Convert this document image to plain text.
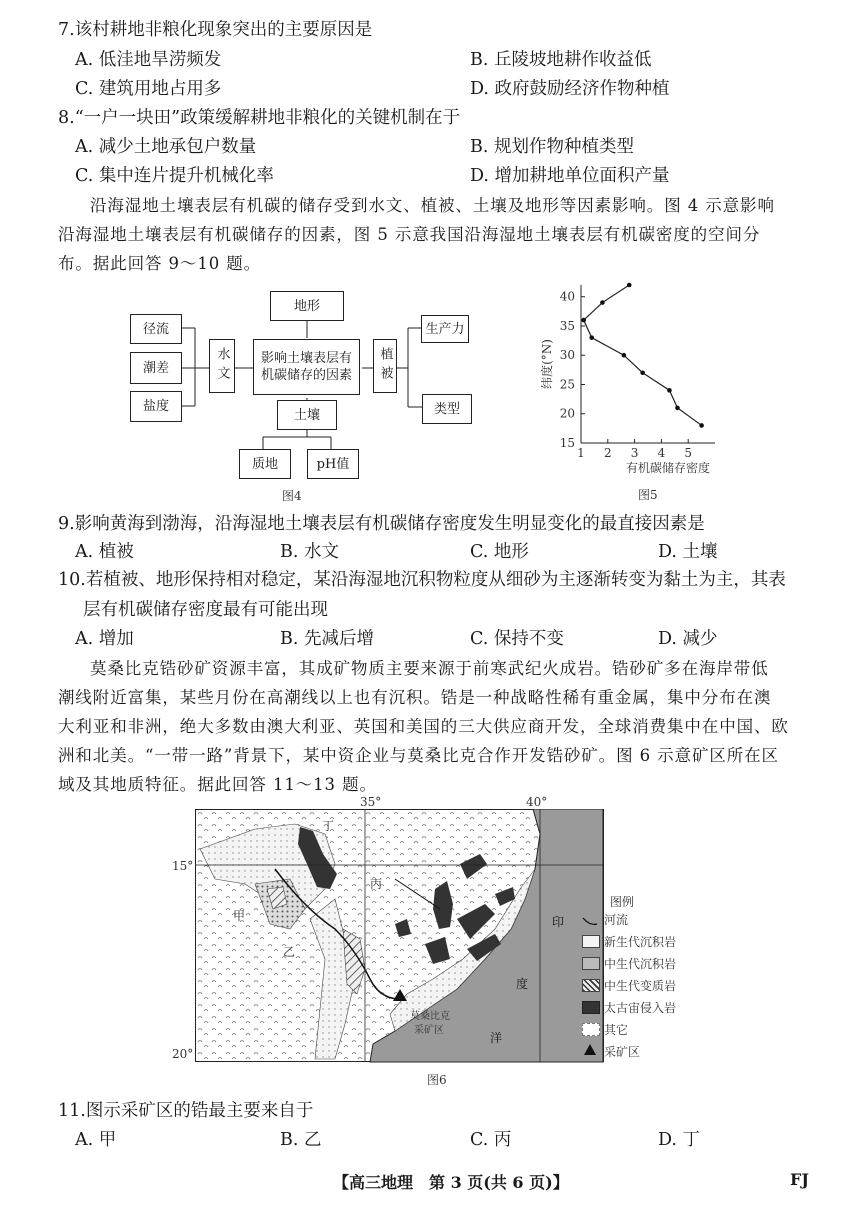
7.该村耕地非粮化现象突出的主要原因是
A. 低洼地旱涝频发	B. 丘陵坡地耕作收益低
C. 建筑用地占用多	D. 政府鼓励经济作物种植
8.“一户一块田”政策缓解耕地非粮化的关键机制在于
A. 减少土地承包户数量	B. 规划作物种植类型
C. 集中连片提升机械化率	D. 增加耕地单位面积产量
沿海湿地土壤表层有机碳的储存受到水文、植被、土壤及地形等因素影响。图 4 示意影响
沿海湿地土壤表层有机碳储存的因素，图 5 示意我国沿海湿地土壤表层有机碳密度的空间分
布。据此回答 9～10 题。
地形
径流
潮差
盐度
水文	影响土壤表层有机碳储存的因素	植被
生产力
类型
土壤
质地	pH值
图4
15
20
25
30
35
40
1 2 3 4 5
纬度(°N)
有机碳储存密度
图5
9.影响黄海到渤海，沿海湿地土壤表层有机碳储存密度发生明显变化的最直接因素是
A. 植被	B. 水文	C. 地形	D. 土壤
10.若植被、地形保持相对稳定，某沿海湿地沉积物粒度从细砂为主逐渐转变为黏土为主，其表
层有机碳储存密度最有可能出现
A. 增加	B. 先减后增	C. 保持不变	D. 减少
莫桑比克锆砂矿资源丰富，其成矿物质主要来源于前寒武纪火成岩。锆砂矿多在海岸带低
潮线附近富集，某些月份在高潮线以上也有沉积。锆是一种战略性稀有重金属，集中分布在澳
大利亚和非洲，绝大多数由澳大利亚、英国和美国的三大供应商开发，全球消费集中在中国、欧
洲和北美。“一带一路”背景下，某中资企业与莫桑比克合作开发锆砂矿。图 6 示意矿区所在区
域及其地质特征。据此回答 11～13 题。
35°	40°
15°
20°
丁
丙
甲
乙
印
度
洋
莫桑比克
采矿区
图例
河流
新生代沉积岩
中生代沉积岩
中生代变质岩
太古宙侵入岩
其它
采矿区
图6
11.图示采矿区的锆最主要来自于
A. 甲	B. 乙	C. 丙	D. 丁
【高三地理　第 3 页(共 6 页)】	FJ
